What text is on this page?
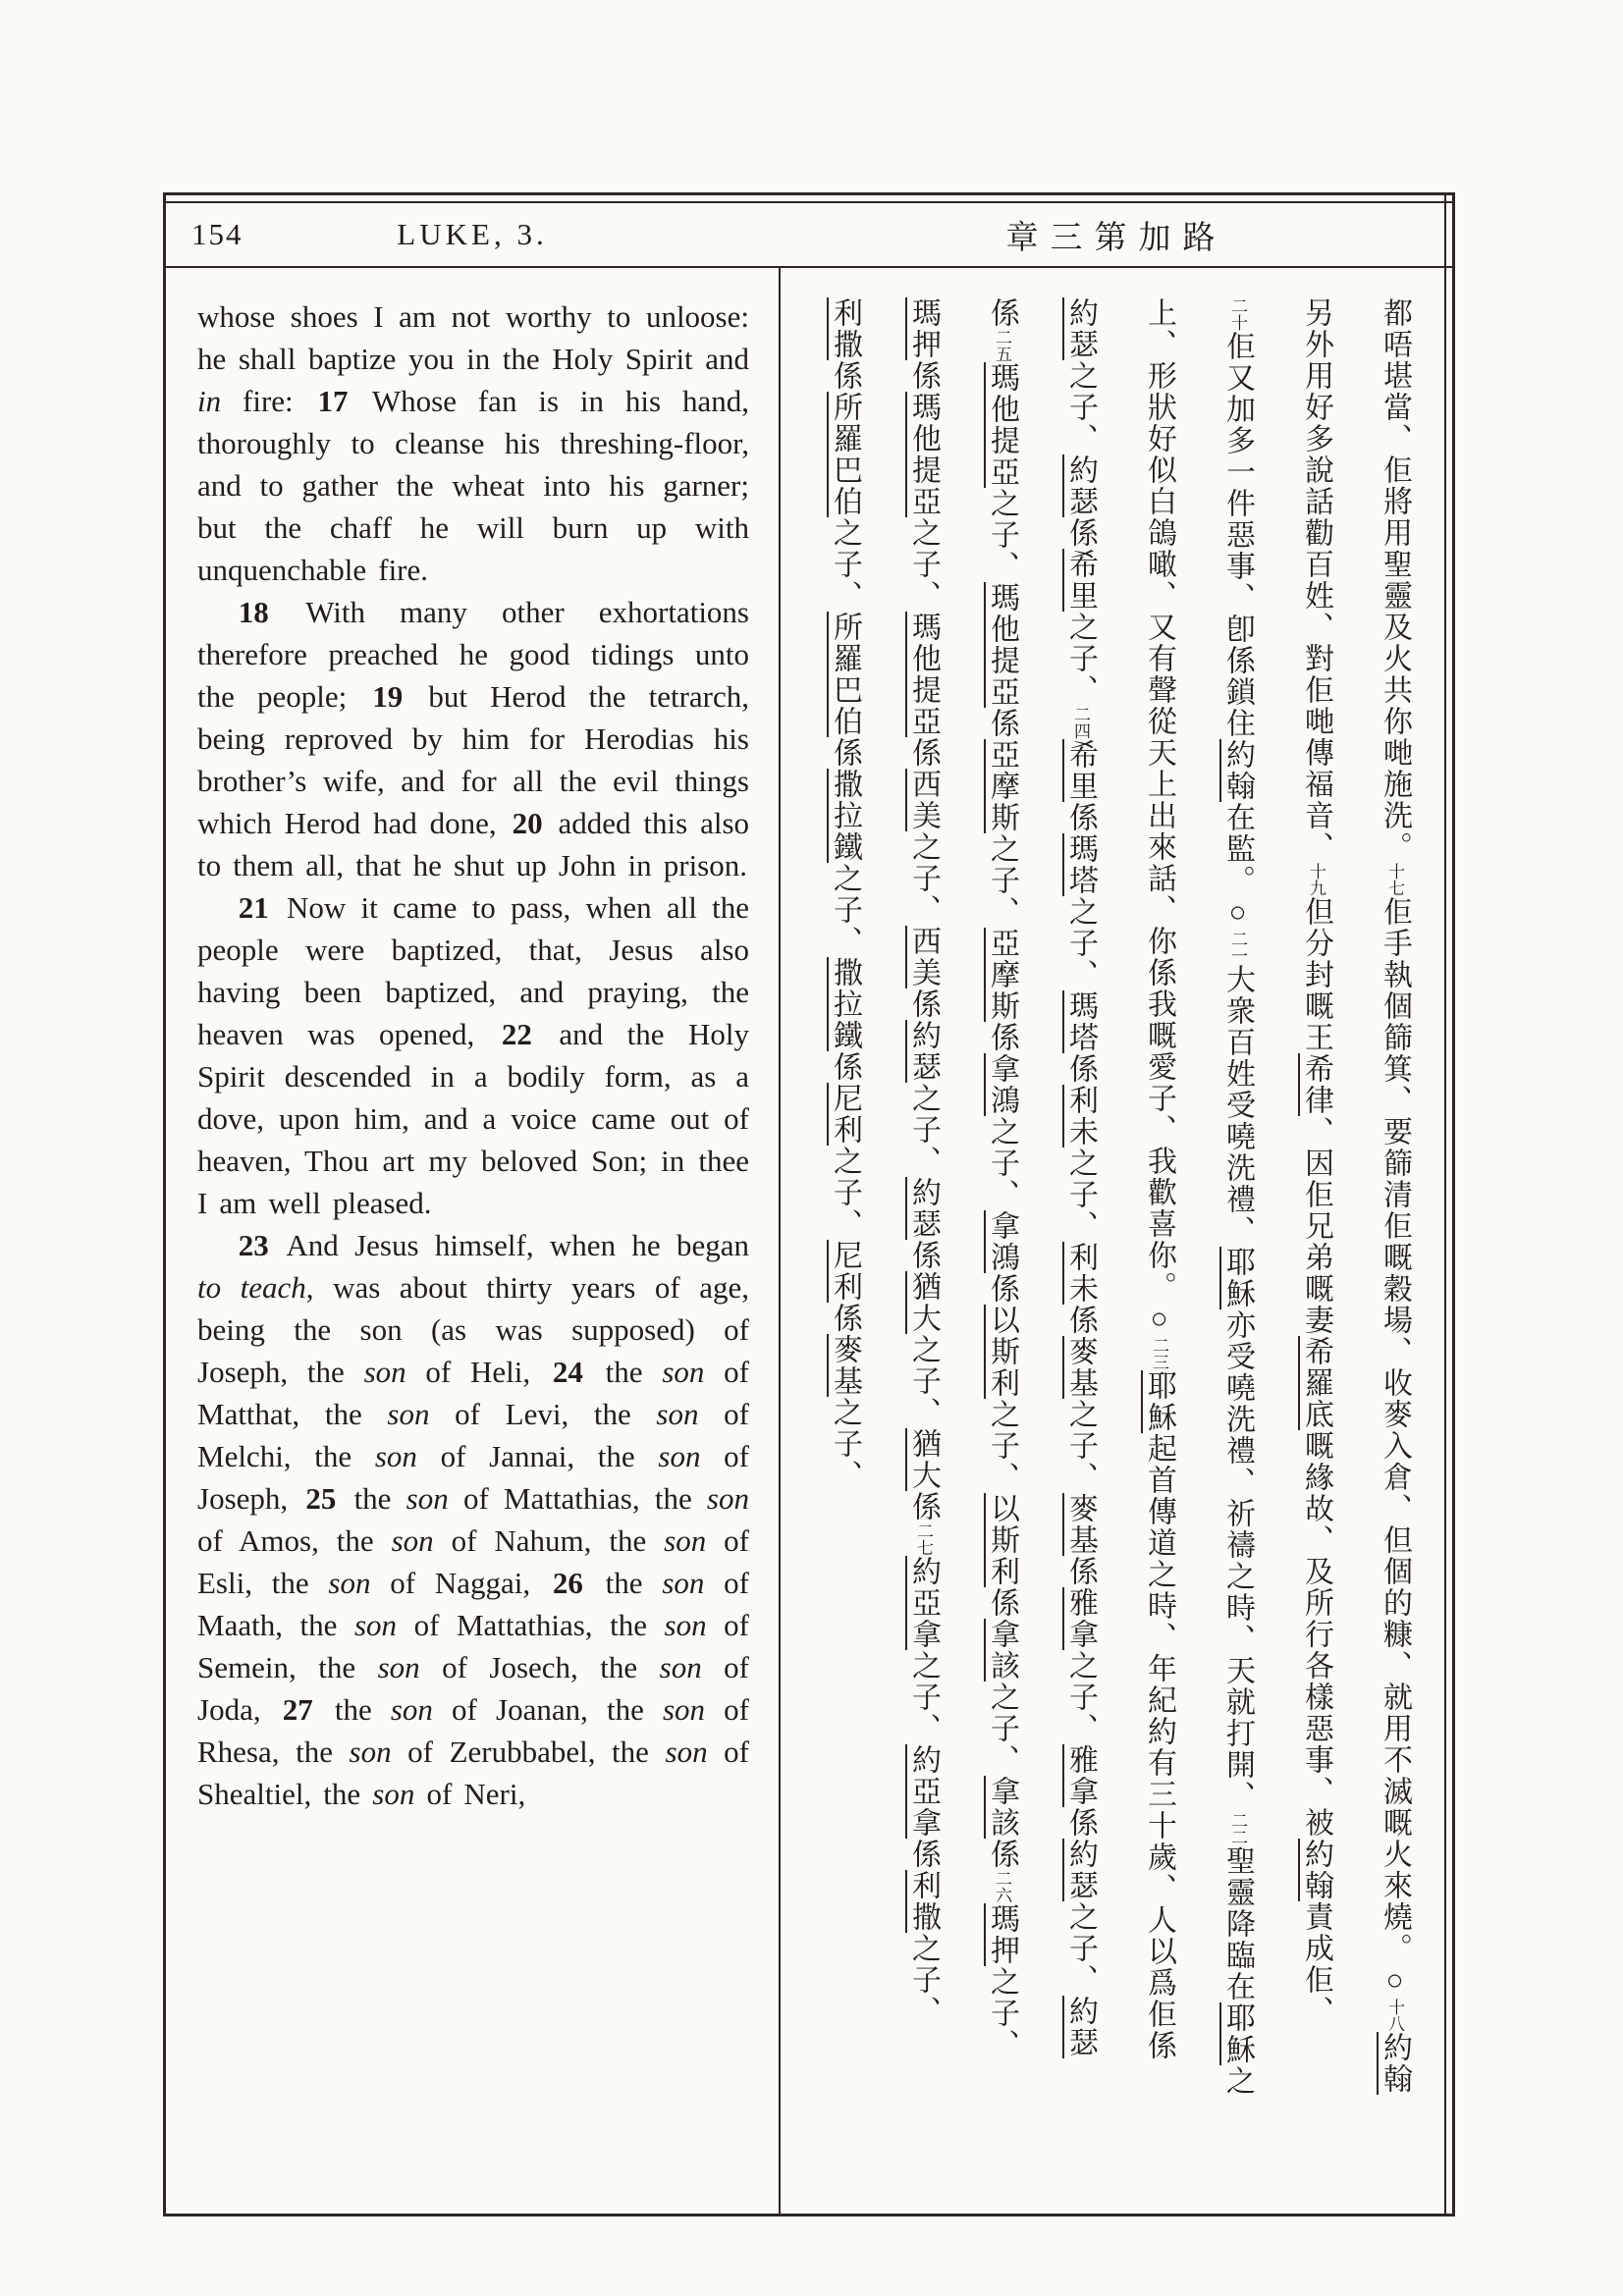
154	LUKE, 3.	章三第加路

whose shoes I am not worthy to unloose: he shall baptize you in the Holy Spirit and in fire: 17 Whose fan is in his hand, thoroughly to cleanse his threshing-floor, and to gather the wheat into his garner; but the chaff he will burn up with unquenchable fire.

18 With many other exhortations therefore preached he good tidings unto the people; 19 but Herod the tetrarch, being reproved by him for Herodias his brother’s wife, and for all the evil things which Herod had done, 20 added this also to them all, that he shut up John in prison.

21 Now it came to pass, when all the people were baptized, that, Jesus also having been baptized, and praying, the heaven was opened, 22 and the Holy Spirit descended in a bodily form, as a dove, upon him, and a voice came out of heaven, Thou art my beloved Son; in thee I am well pleased.

23 And Jesus himself, when he began to teach, was about thirty years of age, being the son (as was supposed) of Joseph, the son of Heli, 24 the son of Matthat, the son of Levi, the son of Melchi, the son of Jannai, the son of Joseph, 25 the son of Mattathias, the son of Amos, the son of Nahum, the son of Esli, the son of Naggai, 26 the son of Maath, the son of Mattathias, the son of Semein, the son of Josech, the son of Joda, 27 the son of Joanan, the son of Rhesa, the son of Zerubbabel, the son of Shealtiel, the son of Neri,

都唔堪當、佢將用聖靈及火共你哋施洗。十七佢手執個篩箕、要篩清佢嘅穀場、收麥入倉、但個的糠、就用不滅嘅火來燒。○十八約翰
另外用好多說話勸百姓、對佢哋傳福音、十九但分封嘅王希律、因佢兄弟嘅妻希羅底嘅緣故、及所行各樣惡事、被約翰責成佢、
二十佢又加多一件惡事、卽係鎖住約翰在監。○二一大衆百姓受嘵洗禮、耶穌亦受嘵洗禮、祈禱之時、天就打開、二二聖靈降臨在耶穌之
上、形狀好似白鴿噉、又有聲從天上出來話、你係我嘅愛子、我歡喜你。○二三耶穌起首傳道之時、年紀約有三十歲、人以爲佢係
約瑟之子、約瑟係希里之子、二四希里係瑪塔之子、瑪塔係利未之子、利未係麥基之子、麥基係雅拿之子、雅拿係約瑟之子、約瑟
係二五瑪他提亞之子、瑪他提亞係亞摩斯之子、亞摩斯係拿鴻之子、拿鴻係以斯利之子、以斯利係拿該之子、拿該係二六瑪押之子、
瑪押係瑪他提亞之子、瑪他提亞係西美之子、西美係約瑟之子、約瑟係猶大之子、猶大係二七約亞拿之子、約亞拿係利撒之子、
利撒係所羅巴伯之子、所羅巴伯係撒拉鐵之子、撒拉鐵係尼利之子、尼利係麥基之子、
